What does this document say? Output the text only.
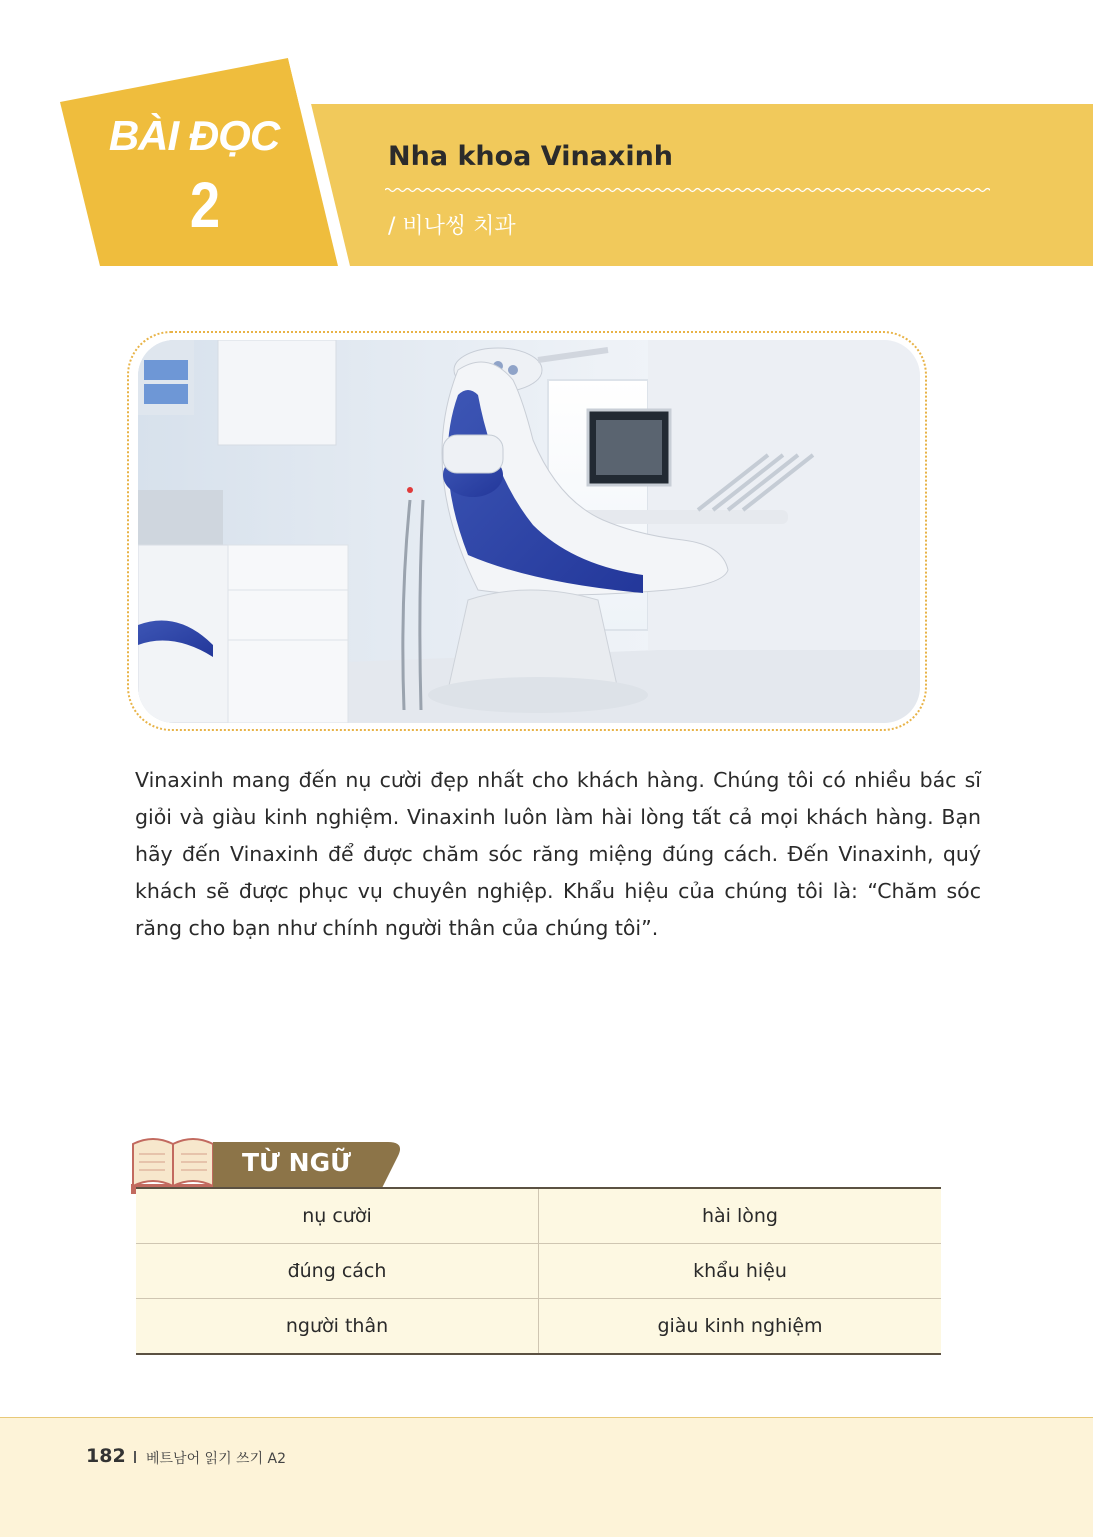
BÀI ĐỌC
2
Nha khoa Vinaxinh
/ 비나씽 치과

Vinaxinh mang đến nụ cười đẹp nhất cho khách hàng. Chúng tôi có nhiều bác sĩ giỏi và giàu kinh nghiệm. Vinaxinh luôn làm hài lòng tất cả mọi khách hàng. Bạn hãy đến Vinaxinh để được chăm sóc răng miệng đúng cách. Đến Vinaxinh, quý khách sẽ được phục vụ chuyên nghiệp. Khẩu hiệu của chúng tôi là: “Chăm sóc răng cho bạn như chính người thân của chúng tôi”.

TỪ NGỮ
nụ cười	hài lòng
đúng cách	khẩu hiệu
người thân	giàu kinh nghiệm
182 베트남어 읽기 쓰기 A2
